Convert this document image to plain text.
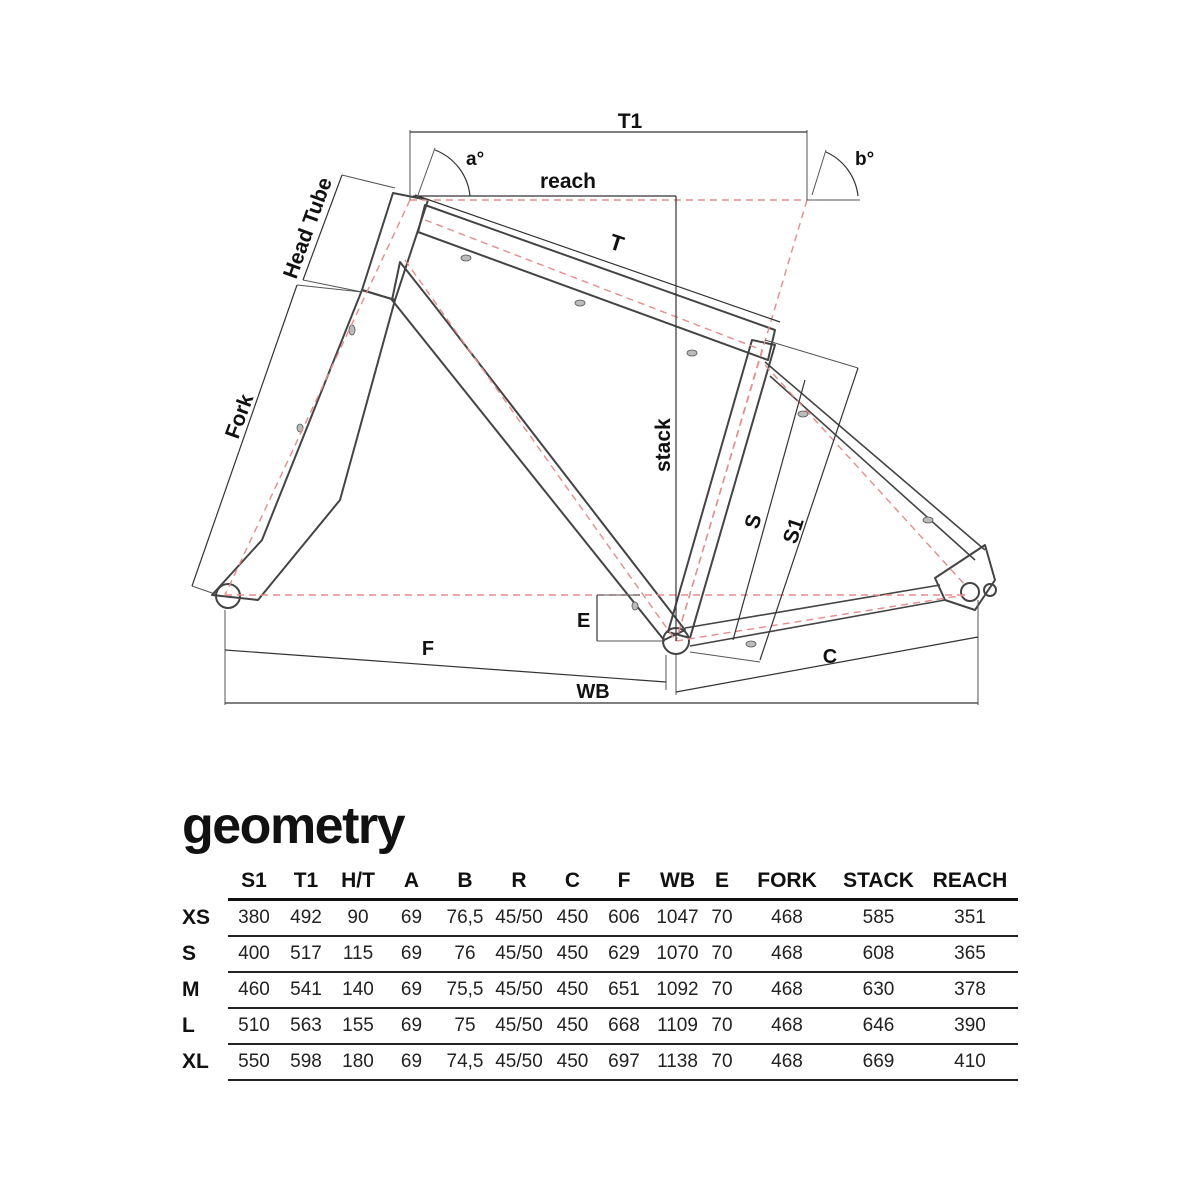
T1
a°	b°
reach
T
Head Tube
Fork
stack
S S1
E
F	C
WB
geometry
	S1	T1	H/T	A	B	R	C	F	WB	E	FORK	STACK	REACH
XS	380	492	90	69	76,5	45/50	450	606	1047	70	468	585	351
S	400	517	115	69	76	45/50	450	629	1070	70	468	608	365
M	460	541	140	69	75,5	45/50	450	651	1092	70	468	630	378
L	510	563	155	69	75	45/50	450	668	1109	70	468	646	390
XL	550	598	180	69	74,5	45/50	450	697	1138	70	468	669	410
